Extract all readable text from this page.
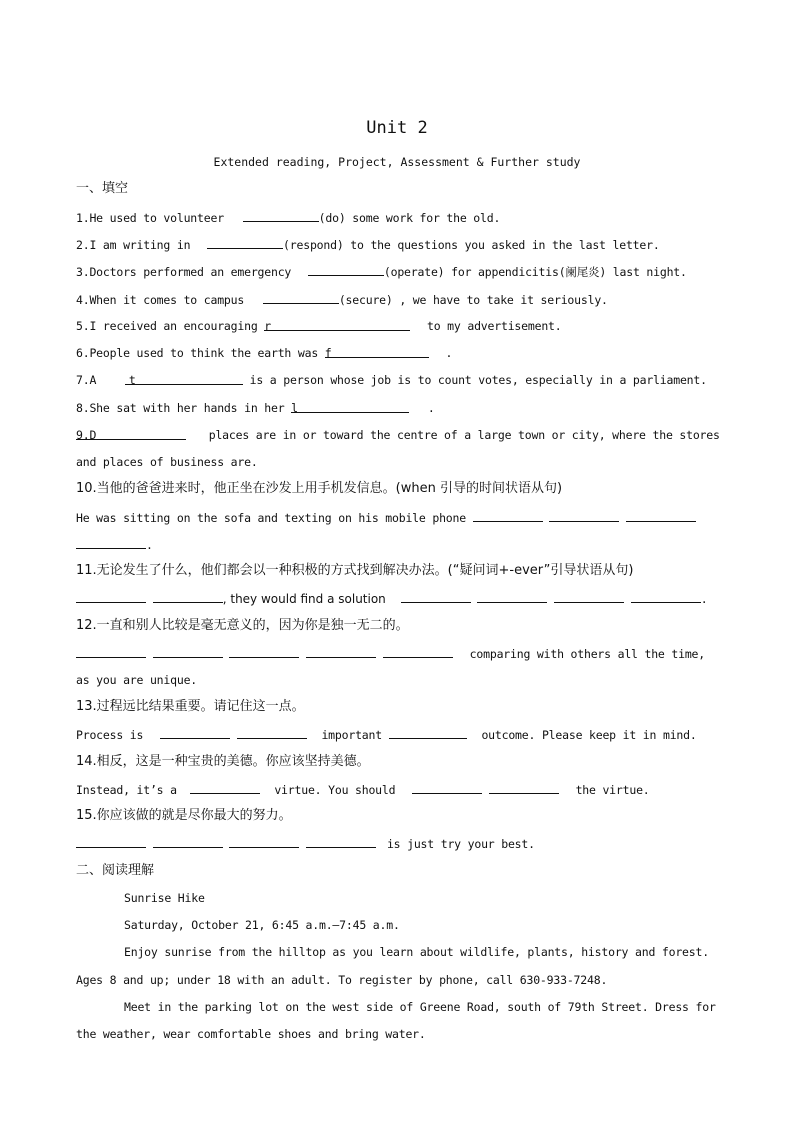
Unit 2
Extended reading, Project, Assessment & Further study
一、填空
1.He used to volunteer	(do) some work for the old.
2.I am writing in	(respond) to the questions you asked in the last letter.
3.Doctors performed an emergency	(operate) for appendicitis(阑尾炎) last night.
4.When it comes to campus	(secure) , we have to take it seriously.
5.I received an encouraging r	to my advertisement.
6.People used to think the earth was f	.
7.A	t	is a person whose job is to count votes, especially in a parliament.
8.She sat with her hands in her l	.
9.D	places are in or toward the centre of a large town or city, where the stores
and places of business are.
10.当他的爸爸进来时，他正坐在沙发上用手机发信息。(when 引导的时间状语从句)
He was sitting on the sofa and texting on his mobile phone
.
11.无论发生了什么，他们都会以一种积极的方式找到解决办法。(“疑问词+-ever”引导状语从句)
, they would find a solution	.
12.一直和别人比较是毫无意义的，因为你是独一无二的。
comparing with others all the time,
as you are unique.
13.过程远比结果重要。请记住这一点。
Process is	important	outcome. Please keep it in mind.
14.相反，这是一种宝贵的美德。你应该坚持美德。
Instead, it’s a	virtue. You should	the virtue.
15.你应该做的就是尽你最大的努力。
is just try your best.
二、阅读理解
Sunrise Hike
Saturday, October 21, 6:45 a.m.—7:45 a.m.
Enjoy sunrise from the hilltop as you learn about wildlife, plants, history and forest.
Ages 8 and up; under 18 with an adult. To register by phone, call 630-933-7248.
Meet in the parking lot on the west side of Greene Road, south of 79th Street. Dress for
the weather, wear comfortable shoes and bring water.
